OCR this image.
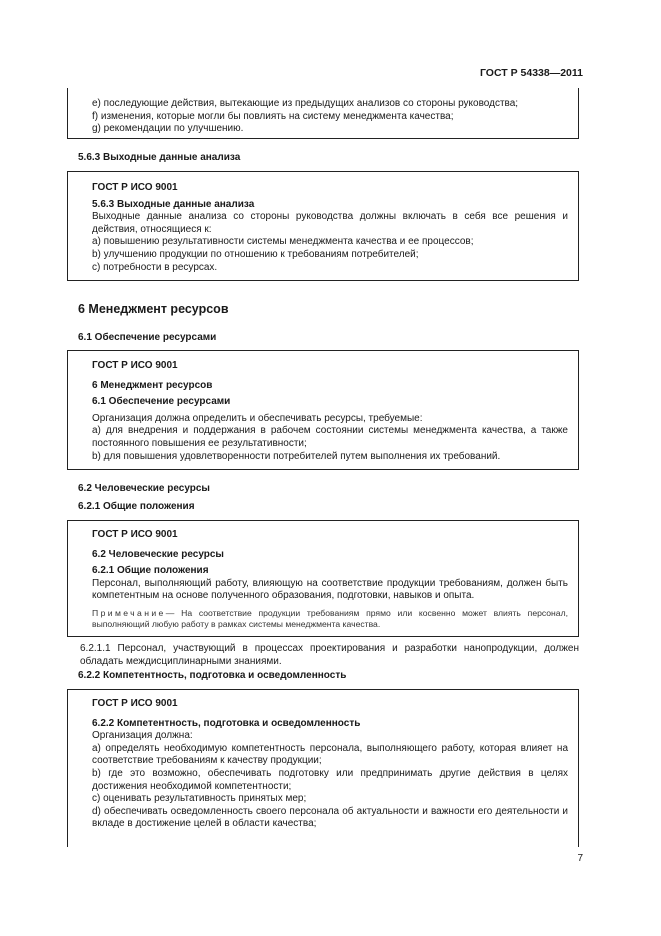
ГОСТ Р 54338—2011

e) последующие действия, вытекающие из предыдущих анализов со стороны руководства;

f) изменения, которые могли бы повлиять на систему менеджмента качества;

g) рекомендации по улучшению.

5.6.3 Выходные данные анализа

ГОСТ Р ИСО 9001

5.6.3 Выходные данные анализа

Выходные данные анализа со стороны руководства должны включать в себя все решения и действия, относящиеся к:

a) повышению результативности системы менеджмента качества и ее процессов;

b) улучшению продукции по отношению к требованиям потребителей;

c) потребности в ресурсах.

6 Менеджмент ресурсов
6.1 Обеспечение ресурсами

ГОСТ Р ИСО 9001

6 Менеджмент ресурсов

6.1 Обеспечение ресурсами

Организация должна определить и обеспечивать ресурсы, требуемые:

a) для внедрения и поддержания в рабочем состоянии системы менеджмента качества, а также постоянного повышения ее результативности;

b) для повышения удовлетворенности потребителей путем выполнения их требований.

6.2 Человеческие ресурсы
6.2.1 Общие положения

ГОСТ Р ИСО 9001

6.2 Человеческие ресурсы

6.2.1 Общие положения

Персонал, выполняющий работу, влияющую на соответствие продукции требованиям, должен быть компетентным на основе полученного образования, подготовки, навыков и опыта.

Примечание— На соответствие продукции требованиям прямо или косвенно может влиять персонал, выполняющий любую работу в рамках системы менеджмента качества.

6.2.1.1 Персонал, участвующий в процессах проектирования и разработки нанопродукции, должен обладать междисциплинарными знаниями.

6.2.2 Компетентность, подготовка и осведомленность

ГОСТ Р ИСО 9001

6.2.2 Компетентность, подготовка и осведомленность

Организация должна:

a) определять необходимую компетентность персонала, выполняющего работу, которая влияет на соответствие требованиям к качеству продукции;

b) где это возможно, обеспечивать подготовку или предпринимать другие действия в целях достижения необходимой компетентности;

c) оценивать результативность принятых мер;

d) обеспечивать осведомленность своего персонала об актуальности и важности его деятельности и вкладе в достижение целей в области качества;

7
